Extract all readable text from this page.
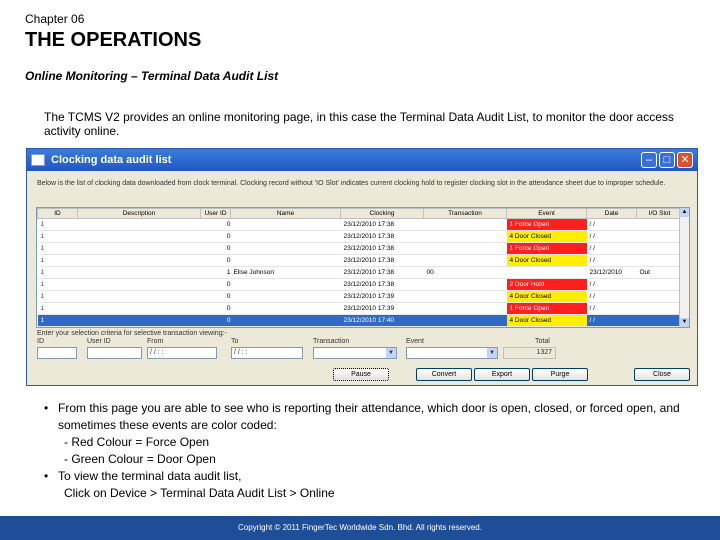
Chapter 06
THE OPERATIONS
Online Monitoring – Terminal Data Audit List
The TCMS V2 provides an online monitoring page, in this case the Terminal Data Audit List, to monitor the door access activity online.
Clocking data audit list	–	□ ✕
Below is the list of clocking data downloaded from clock terminal. Clocking record without 'IO Slot' indicates current clocking hold to register clocking slot in the attendance sheet due to improper schedule.
ID	Description	User ID	Name	Clocking	Transaction	Event	Date	I/O Slot
1		0		23/12/2010 17:38		1 Force Open	/ /	
1		0		23/12/2010 17:38		4 Door Closed	/ /	
1		0		23/12/2010 17:38		1 Force Open	/ /	
1		0		23/12/2010 17:38		4 Door Closed	/ /	
1		1	Elise Johnson	23/12/2010 17:38	00		23/12/2010	Out
1		0		23/12/2010 17:38		2 Door Hold	/ /	
1		0		23/12/2010 17:39		4 Door Closed	/ /	
1		0		23/12/2010 17:39		1 Force Open	/ /	
1		0		23/12/2010 17:40		4 Door Closed	/ /	
▲
▼
Enter your selection criteria for selective transaction viewing:-
ID	User ID	From
/ / : :
To
/ / : :
Transaction
▼
Event
▼
Total
1327
Pause	Convert	Export	Purge	Close
• From this page you are able to see who is reporting their attendance, which door is open, closed, or forced open, and sometimes these events are color coded:
- Red Colour = Force Open
- Green Colour = Door Open
• To view the terminal data audit list,
Click on Device > Terminal Data Audit List > Online
Copyright © 2011 FingerTec Worldwide Sdn. Bhd. All rights reserved.
